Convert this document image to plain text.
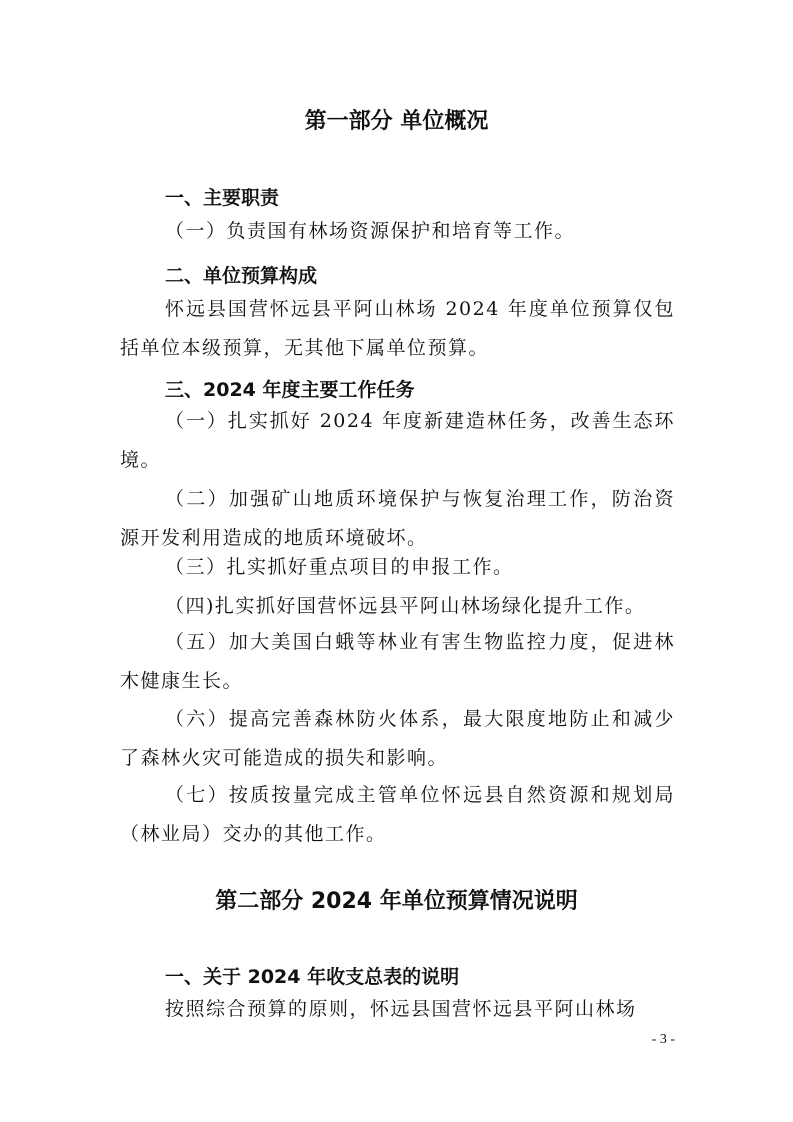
第一部分 单位概况
一、主要职责
（一）负责国有林场资源保护和培育等工作。
二、单位预算构成
怀远县国营怀远县平阿山林场 2024 年度单位预算仅包括单位本级预算，无其他下属单位预算。
三、2024 年度主要工作任务
（一）扎实抓好 2024 年度新建造林任务，改善生态环境。
（二）加强矿山地质环境保护与恢复治理工作，防治资源开发利用造成的地质环境破坏。
（三）扎实抓好重点项目的申报工作。
（四)扎实抓好国营怀远县平阿山林场绿化提升工作。
（五）加大美国白蛾等林业有害生物监控力度，促进林木健康生长。
（六）提高完善森林防火体系，最大限度地防止和减少了森林火灾可能造成的损失和影响。
（七）按质按量完成主管单位怀远县自然资源和规划局（林业局）交办的其他工作。
第二部分 2024 年单位预算情况说明
一、关于 2024 年收支总表的说明
按照综合预算的原则，怀远县国营怀远县平阿山林场
- 3 -
